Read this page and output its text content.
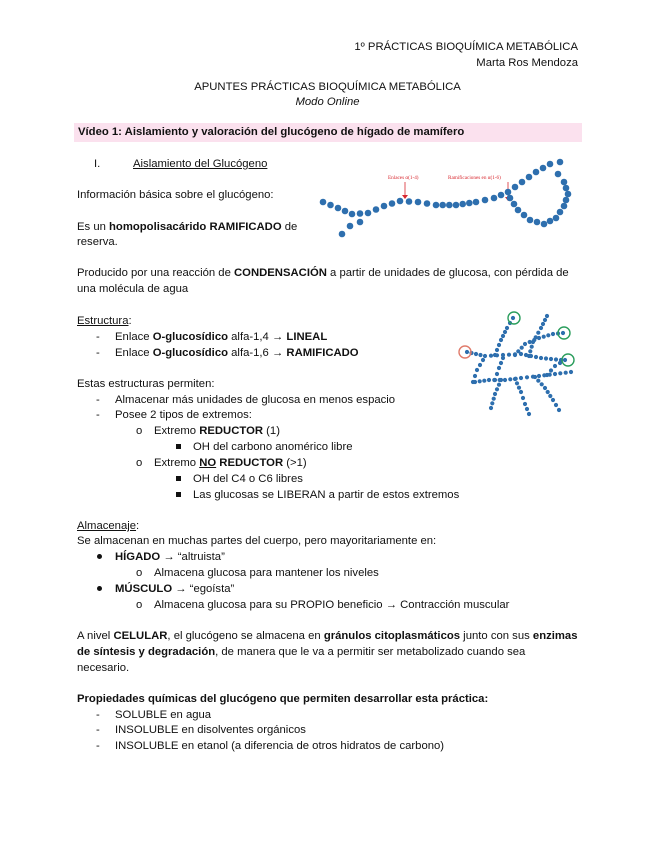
1º PRÁCTICAS BIOQUÍMICA METABÓLICA
Marta Ros Mendoza
APUNTES PRÁCTICAS BIOQUÍMICA METABÓLICA
Modo Online
Vídeo 1: Aislamiento y valoración del glucógeno de hígado de mamífero
I.	Aislamiento del Glucógeno
Información básica sobre el glucógeno:
Es un homopolisacárido RAMIFICADO de
reserva.
Producido por una reacción de CONDENSACIÓN a partir de unidades de glucosa, con pérdida de
una molécula de agua
Enlaces α(1-4)	Ramificaciones en α(1-6)
Estructura:
- Enlace O-glucosídico alfa-1,4 → LINEAL
- Enlace O-glucosídico alfa-1,6 → RAMIFICADO
Estas estructuras permiten:
- Almacenar más unidades de glucosa en menos espacio
- Posee 2 tipos de extremos:
o Extremo REDUCTOR (1)
OH del carbono anomérico libre
o Extremo NO REDUCTOR (>1)
OH del C4 o C6 libres
Las glucosas se LIBERAN a partir de estos extremos
Almacenaje:
Se almacenan en muchas partes del cuerpo, pero mayoritariamente en:
HÍGADO → “altruista”
o Almacena glucosa para mantener los niveles
MÚSCULO → “egoísta”
o Almacena glucosa para su PROPIO beneficio → Contracción muscular
A nivel CELULAR, el glucógeno se almacena en gránulos citoplasmáticos junto con sus enzimas
de síntesis y degradación, de manera que le va a permitir ser metabolizado cuando sea
necesario.
Propiedades químicas del glucógeno que permiten desarrollar esta práctica:
- SOLUBLE en agua
- INSOLUBLE en disolventes orgánicos
- INSOLUBLE en etanol (a diferencia de otros hidratos de carbono)
